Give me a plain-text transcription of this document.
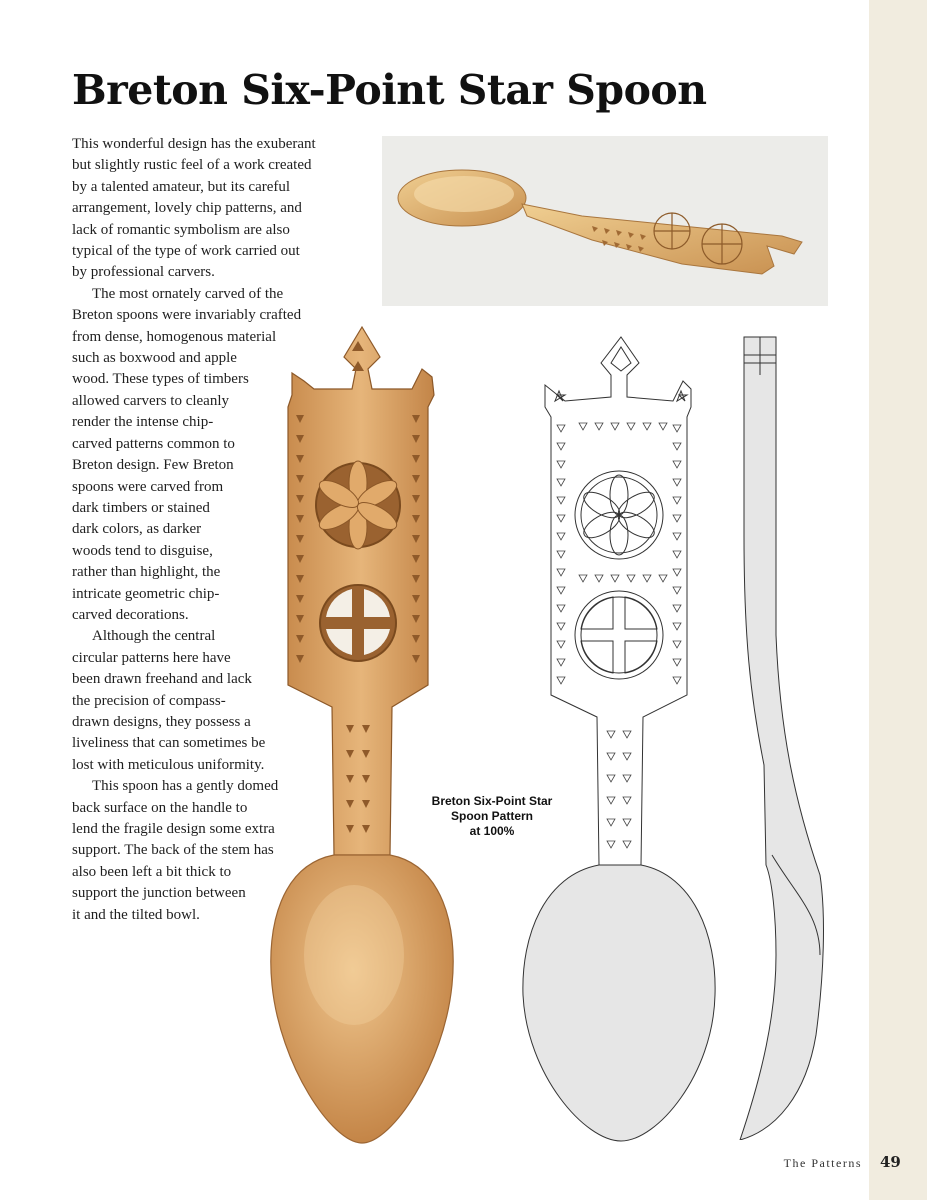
Breton Six-Point Star Spoon

This wonderful design has the exuberant
but slightly rustic feel of a work created
by a talented amateur, but its careful
arrangement, lovely chip patterns, and
lack of romantic symbolism are also
typical of the type of work carried out
by professional carvers.

The most ornately carved of the
Breton spoons were invariably crafted
from dense, homogenous material
such as boxwood and apple
wood. These types of timbers
allowed carvers to cleanly
render the intense chip-
carved patterns common to
Breton design. Few Breton
spoons were carved from
dark timbers or stained
dark colors, as darker
woods tend to disguise,
rather than highlight, the
intricate geometric chip-
carved decorations.

Although the central
circular patterns here have
been drawn freehand and lack
the precision of compass-
drawn designs, they possess a
liveliness that can sometimes be
lost with meticulous uniformity.

This spoon has a gently domed
back surface on the handle to
lend the fragile design some extra
support. The back of the stem has
also been left a bit thick to
support the junction between
it and the tilted bowl.

Breton Six-Point Star
Spoon Pattern
at 100%
The Patterns 49
